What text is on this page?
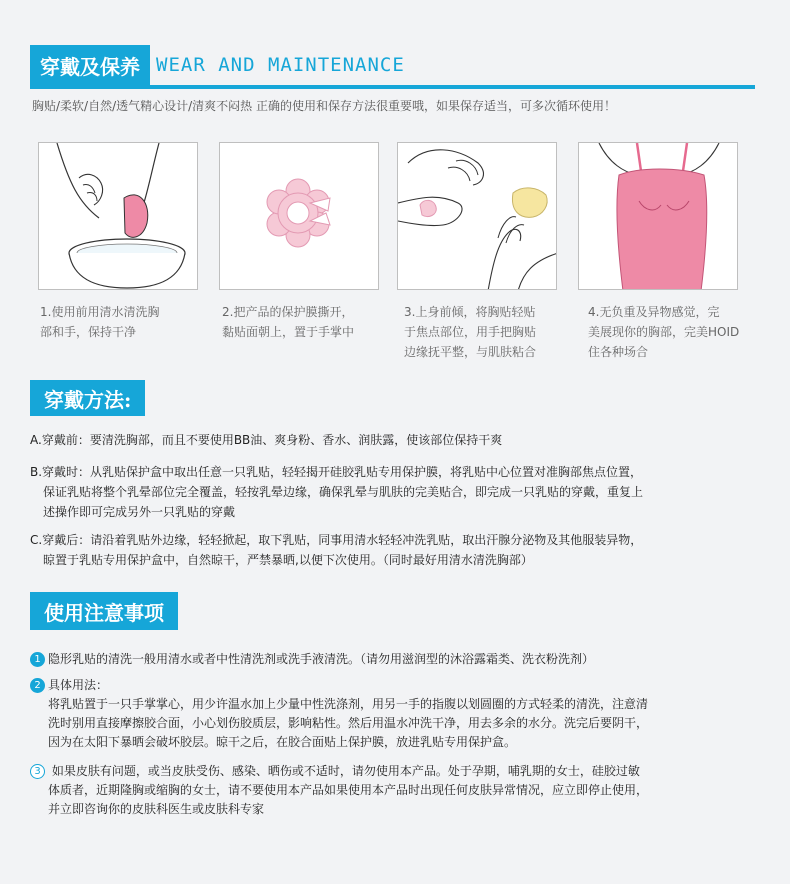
穿戴及保养 WEAR AND MAINTENANCE
胸贴/柔软/自然/透气精心设计/清爽不闷热 正确的使用和保存方法很重要哦，如果保存适当，可多次循环使用！
1.使用前用清水清洗胸
部和手，保持干净
2.把产品的保护膜撕开，
黏贴面朝上，置于手掌中
3.上身前倾，将胸贴轻贴
于焦点部位，用手把胸贴
边缘抚平整，与肌肤粘合
4.无负重及异物感觉，完
美展现你的胸部，完美HOID
住各种场合
穿戴方法:
A.穿戴前：要清洗胸部，而且不要使用BB油、爽身粉、香水、润肤露，使该部位保持干爽
B.穿戴时：从乳贴保护盒中取出任意一只乳贴，轻轻揭开硅胶乳贴专用保护膜，将乳贴中心位置对准胸部焦点位置，
保证乳贴将整个乳晕部位完全覆盖，轻按乳晕边缘，确保乳晕与肌肤的完美贴合，即完成一只乳贴的穿戴，重复上
述操作即可完成另外一只乳贴的穿戴
C.穿戴后：请沿着乳贴外边缘，轻轻掀起，取下乳贴，同事用清水轻轻冲洗乳贴，取出汗腺分泌物及其他服装异物，
晾置于乳贴专用保护盒中，自然晾干，严禁暴晒,以便下次使用。（同时最好用清水清洗胸部）
使用注意事项
1 隐形乳贴的清洗一般用清水或者中性清洗剂或洗手液清洗。（请勿用滋润型的沐浴露霜类、洗衣粉洗剂）
2 具体用法：
将乳贴置于一只手掌掌心，用少许温水加上少量中性洗涤剂，用另一手的指腹以划圆圈的方式轻柔的清洗，注意清
洗时别用直接摩擦胶合面，小心划伤胶质层，影响粘性。然后用温水冲洗干净，用去多余的水分。洗完后要阴干，
因为在太阳下暴晒会破坏胶层。晾干之后，在胶合面贴上保护膜，放进乳贴专用保护盒。
3 如果皮肤有问题，或当皮肤受伤、感染、晒伤或不适时，请勿使用本产品。处于孕期，哺乳期的女士，硅胶过敏
体质者，近期隆胸或缩胸的女士，请不要使用本产品如果使用本产品时出现任何皮肤异常情况，应立即停止使用，
并立即咨询你的皮肤科医生或皮肤科专家
